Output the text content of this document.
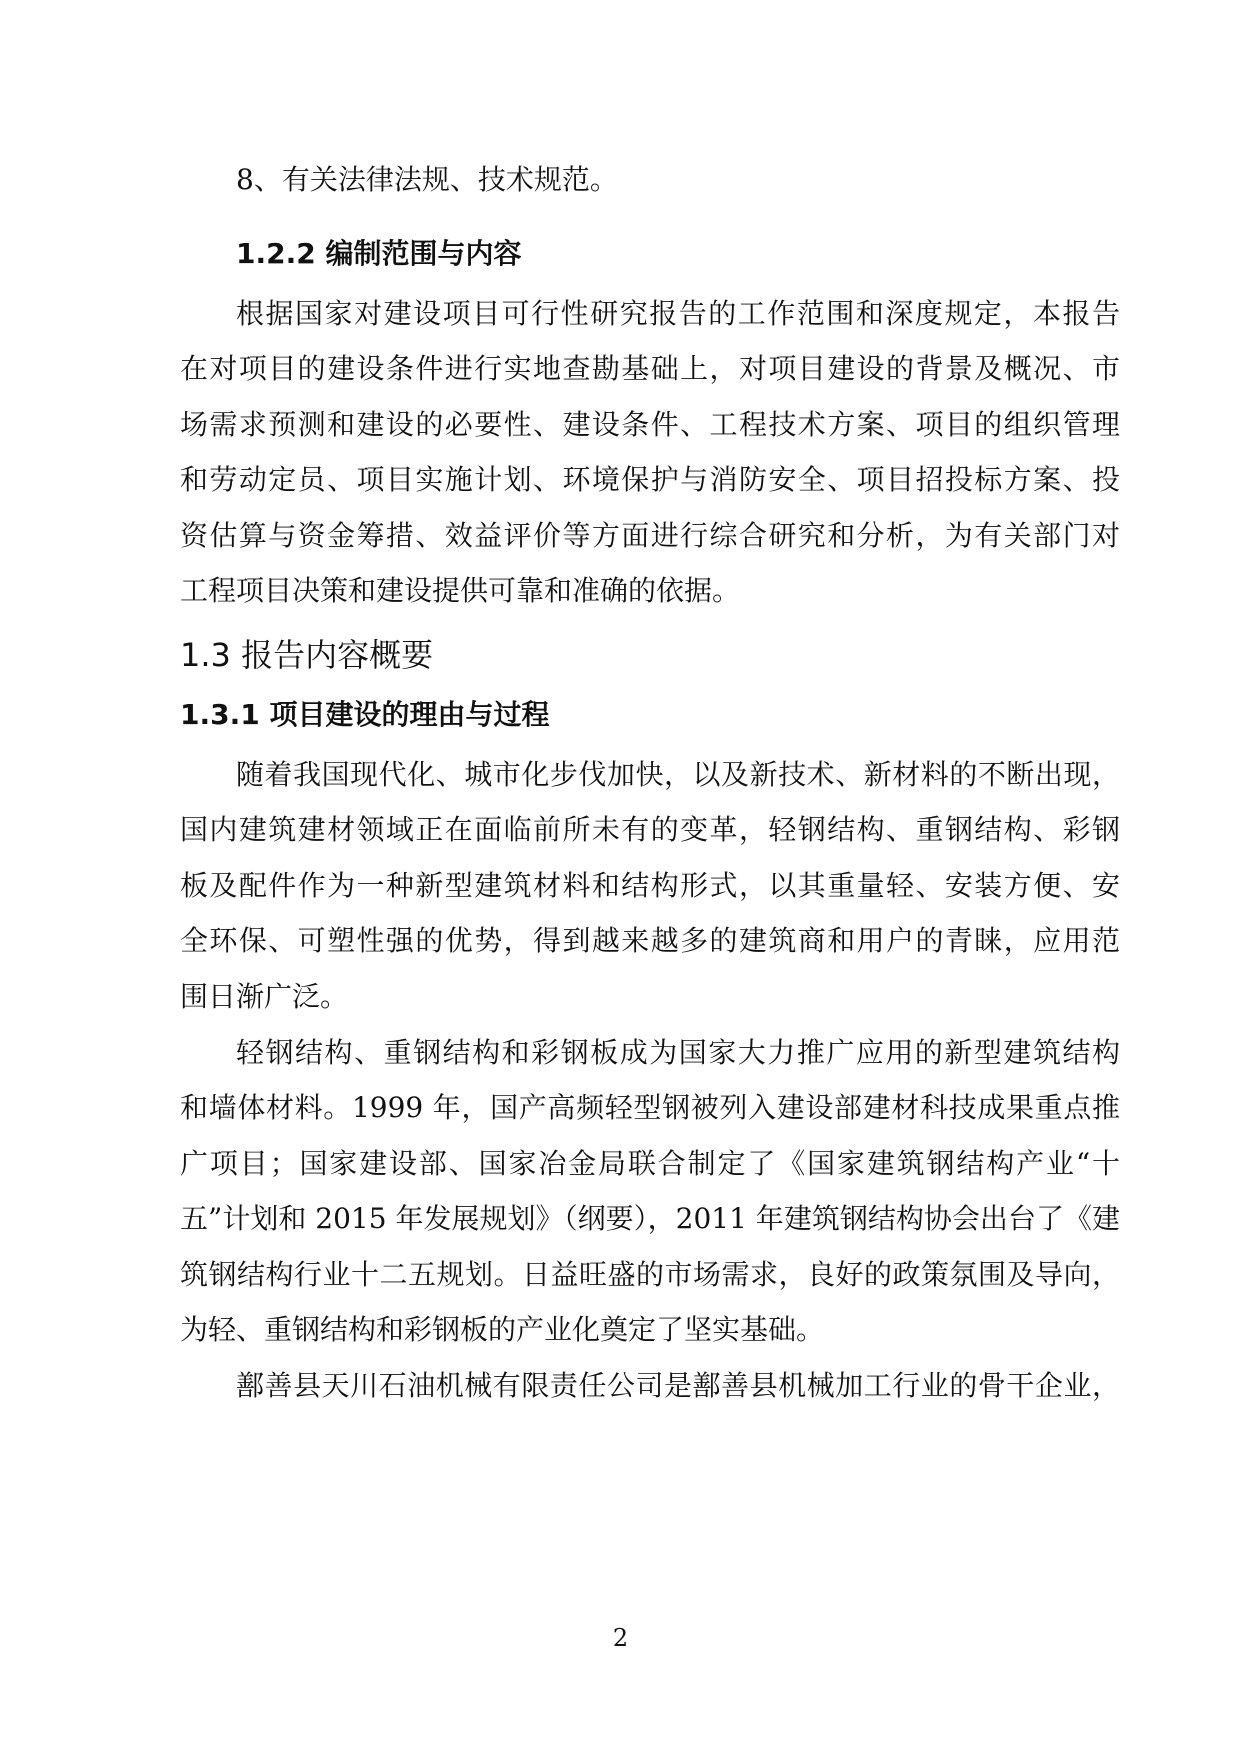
8、有关法律法规、技术规范。

1.2.2 编制范围与内容

根据国家对建设项目可行性研究报告的工作范围和深度规定，本报告

在对项目的建设条件进行实地查勘基础上，对项目建设的背景及概况、市

场需求预测和建设的必要性、建设条件、工程技术方案、项目的组织管理

和劳动定员、项目实施计划、环境保护与消防安全、项目招投标方案、投

资估算与资金筹措、效益评价等方面进行综合研究和分析，为有关部门对

工程项目决策和建设提供可靠和准确的依据。

1.3 报告内容概要

1.3.1 项目建设的理由与过程

随着我国现代化、城市化步伐加快，以及新技术、新材料的不断出现，

国内建筑建材领域正在面临前所未有的变革，轻钢结构、重钢结构、彩钢

板及配件作为一种新型建筑材料和结构形式，以其重量轻、安装方便、安

全环保、可塑性强的优势，得到越来越多的建筑商和用户的青睐，应用范

围日渐广泛。

轻钢结构、重钢结构和彩钢板成为国家大力推广应用的新型建筑结构

和墙体材料。1999 年，国产高频轻型钢被列入建设部建材科技成果重点推

广项目；国家建设部、国家冶金局联合制定了《国家建筑钢结构产业“十

五”计划和 2015 年发展规划》（纲要），2011 年建筑钢结构协会出台了《建

筑钢结构行业十二五规划。日益旺盛的市场需求，良好的政策氛围及导向，

为轻、重钢结构和彩钢板的产业化奠定了坚实基础。

鄯善县天川石油机械有限责任公司是鄯善县机械加工行业的骨干企业，

2
